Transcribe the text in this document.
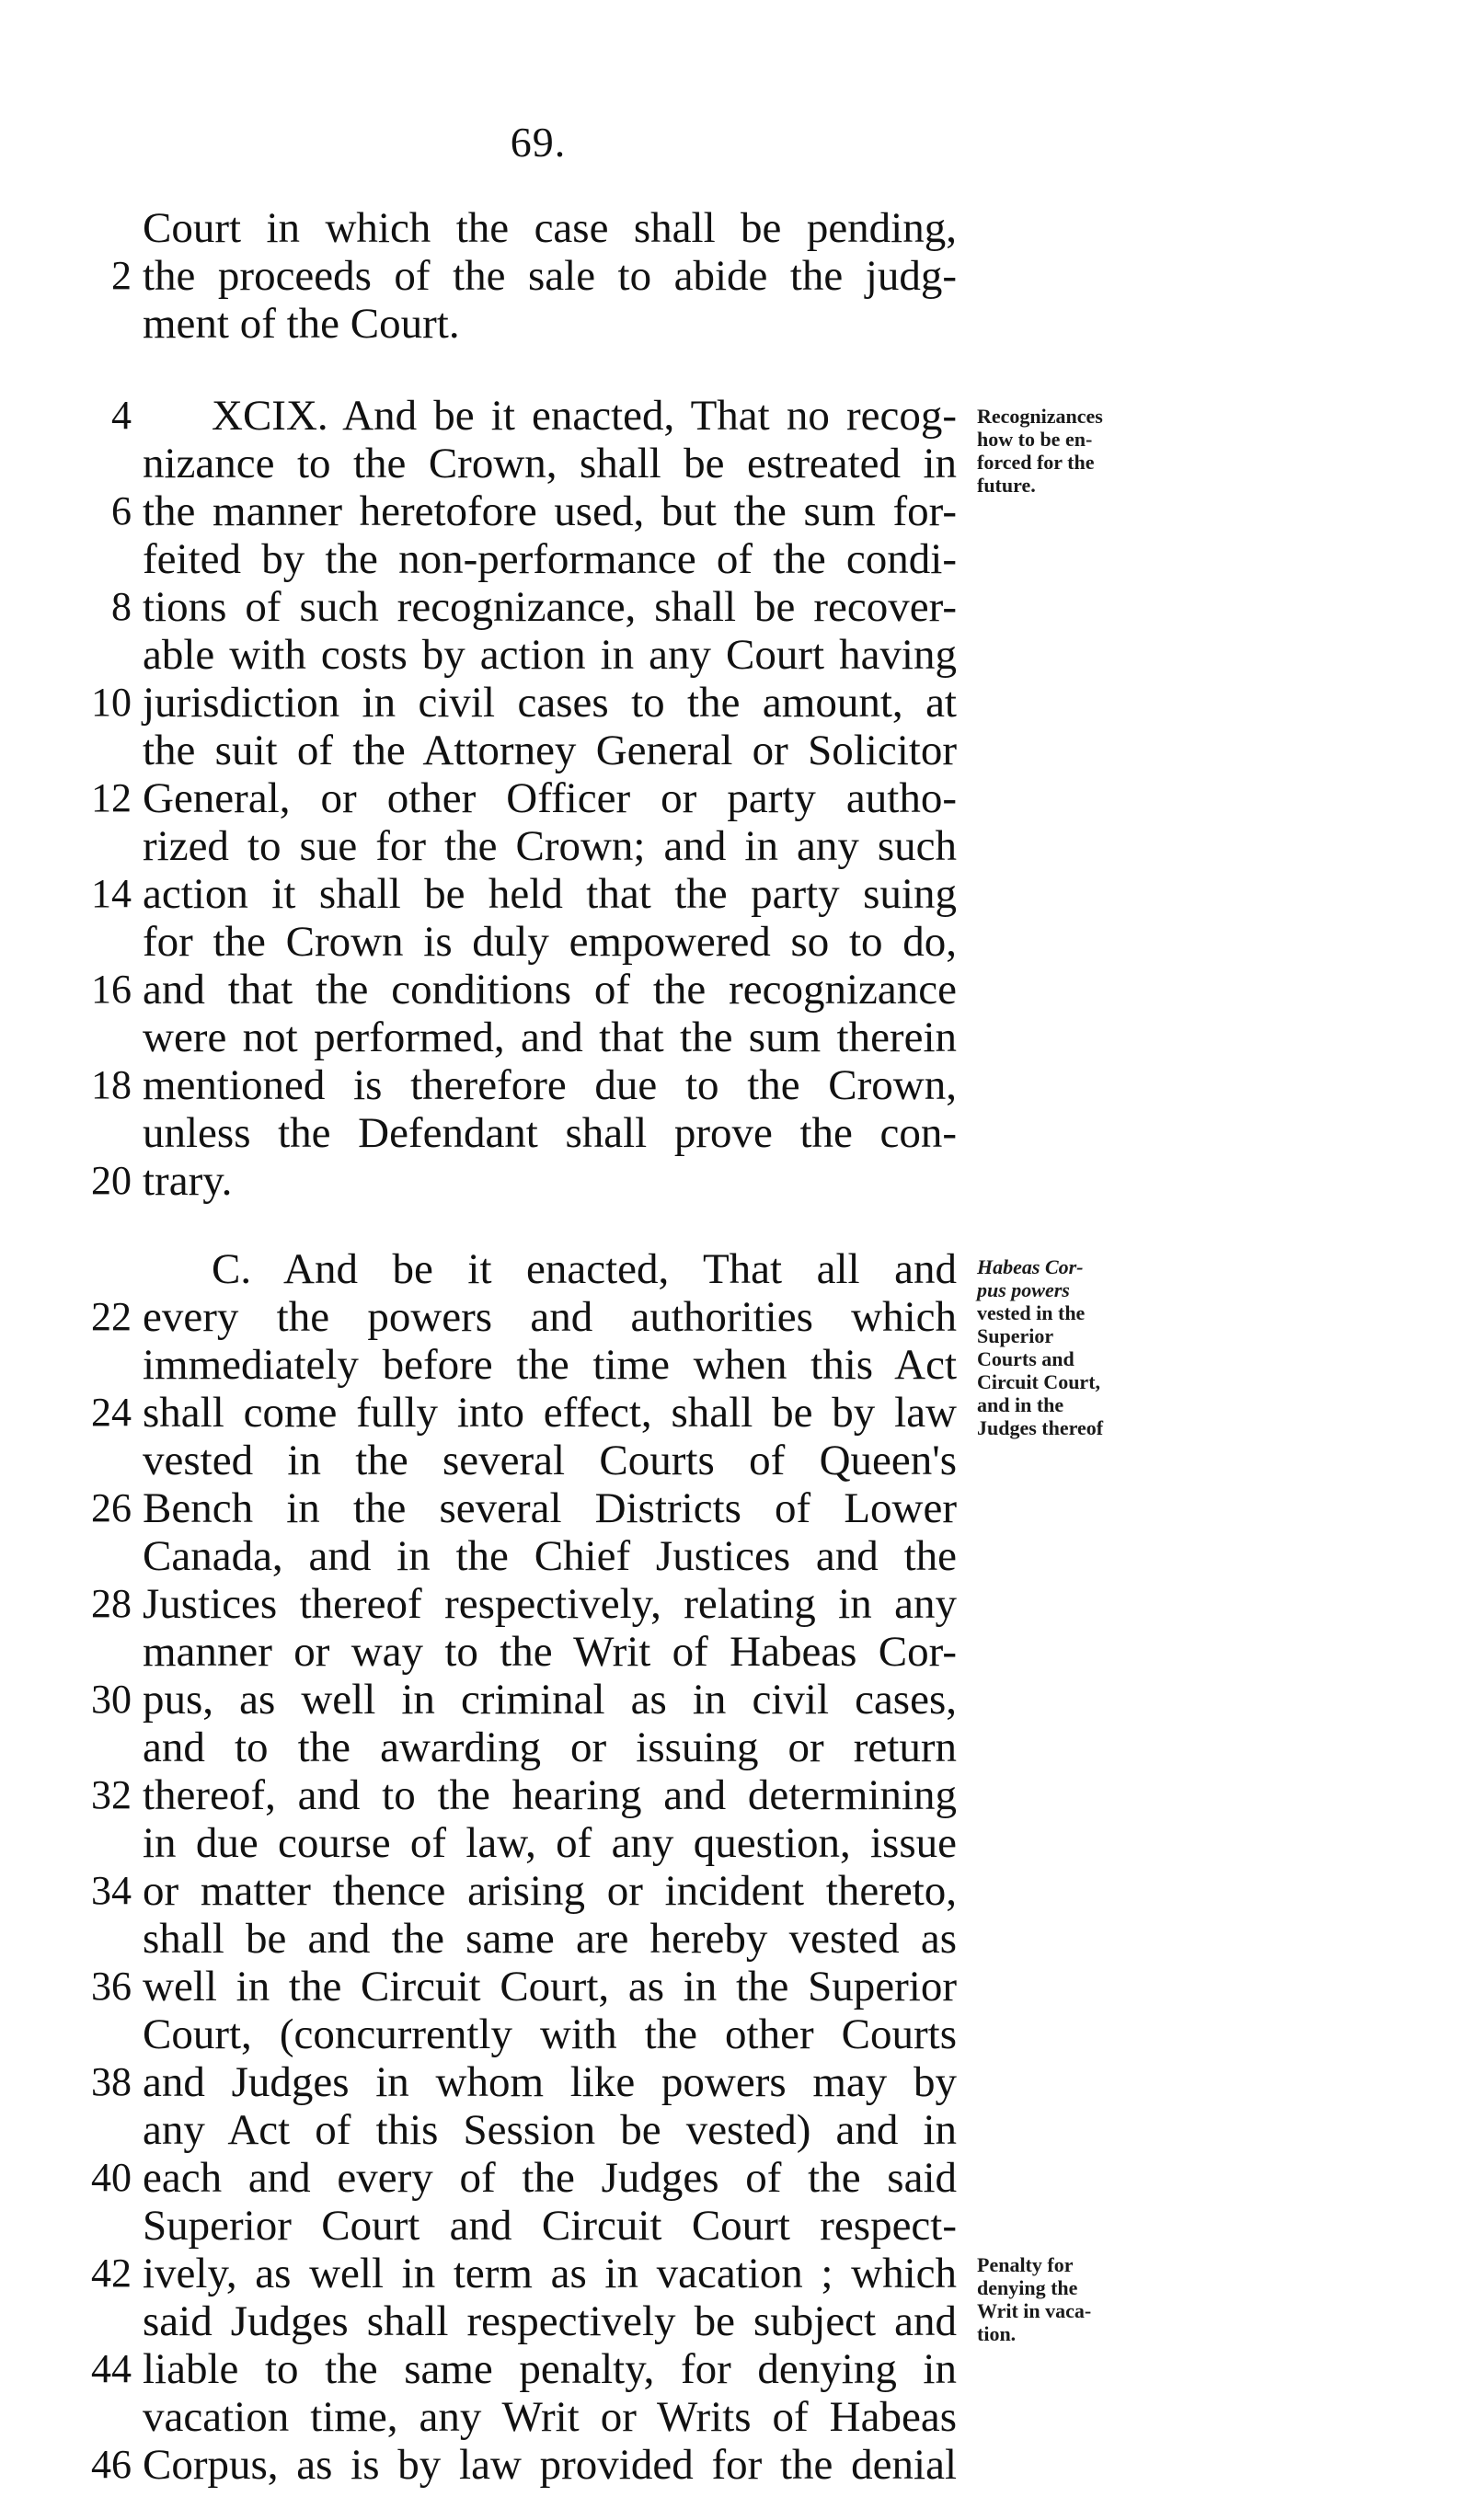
69.
Court in which the case shall be pending,
2 the proceeds of the sale to abide the judg-
ment of the Court.
4 XCIX. And be it enacted, That no recog-
nizance to the Crown, shall be estreated in
6 the manner heretofore used, but the sum for-
feited by the non-performance of the condi-
8 tions of such recognizance, shall be recover-
able with costs by action in any Court having
10 jurisdiction in civil cases to the amount, at
the suit of the Attorney General or Solicitor
12 General, or other Officer or party autho-
rized to sue for the Crown; and in any such
14 action it shall be held that the party suing
for the Crown is duly empowered so to do,
16 and that the conditions of the recognizance
were not performed, and that the sum therein
18 mentioned is therefore due to the Crown,
unless the Defendant shall prove the con-
20 trary.
C. And be it enacted, That all and
22 every the powers and authorities which
immediately before the time when this Act
24 shall come fully into effect, shall be by law
vested in the several Courts of Queen's
26 Bench in the several Districts of Lower
Canada, and in the Chief Justices and the
28 Justices thereof respectively, relating in any
manner or way to the Writ of Habeas Cor-
30 pus, as well in criminal as in civil cases,
and to the awarding or issuing or return
32 thereof, and to the hearing and determining
in due course of law, of any question, issue
34 or matter thence arising or incident thereto,
shall be and the same are hereby vested as
36 well in the Circuit Court, as in the Superior
Court, (concurrently with the other Courts
38 and Judges in whom like powers may by
any Act of this Session be vested) and in
40 each and every of the Judges of the said
Superior Court and Circuit Court respect-
42 ively, as well in term as in vacation ; which
said Judges shall respectively be subject and
44 liable to the same penalty, for denying in
vacation time, any Writ or Writs of Habeas
46 Corpus, as is by law provided for the denial
Recognizances
how to be en-
forced for the
future.
Habeas Cor-
pus powers
vested in the
Superior
Courts and
Circuit Court,
and in the
Judges thereof
Penalty for
denying the
Writ in vaca-
tion.
